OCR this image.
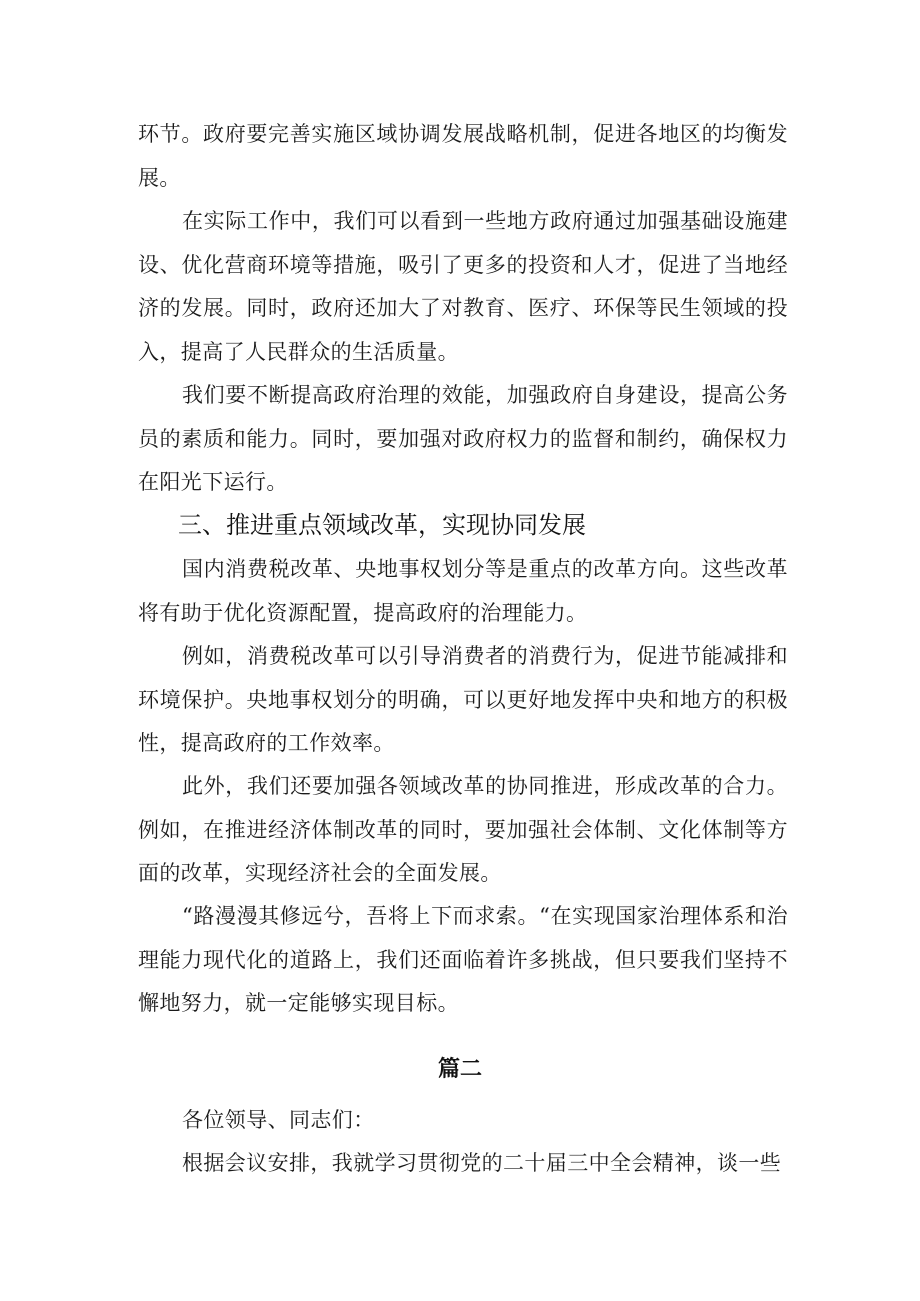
环节。政府要完善实施区域协调发展战略机制，促进各地区的均衡发展。

在实际工作中，我们可以看到一些地方政府通过加强基础设施建设、优化营商环境等措施，吸引了更多的投资和人才，促进了当地经济的发展。同时，政府还加大了对教育、医疗、环保等民生领域的投入，提高了人民群众的生活质量。

我们要不断提高政府治理的效能，加强政府自身建设，提高公务员的素质和能力。同时，要加强对政府权力的监督和制约，确保权力在阳光下运行。

三、推进重点领域改革，实现协同发展

国内消费税改革、央地事权划分等是重点的改革方向。这些改革将有助于优化资源配置，提高政府的治理能力。

例如，消费税改革可以引导消费者的消费行为，促进节能减排和环境保护。央地事权划分的明确，可以更好地发挥中央和地方的积极性，提高政府的工作效率。

此外，我们还要加强各领域改革的协同推进，形成改革的合力。例如，在推进经济体制改革的同时，要加强社会体制、文化体制等方面的改革，实现经济社会的全面发展。

“路漫漫其修远兮，吾将上下而求索。“在实现国家治理体系和治理能力现代化的道路上，我们还面临着许多挑战，但只要我们坚持不懈地努力，就一定能够实现目标。

篇二

各位领导、同志们：

根据会议安排，我就学习贯彻党的二十届三中全会精神，谈一些
